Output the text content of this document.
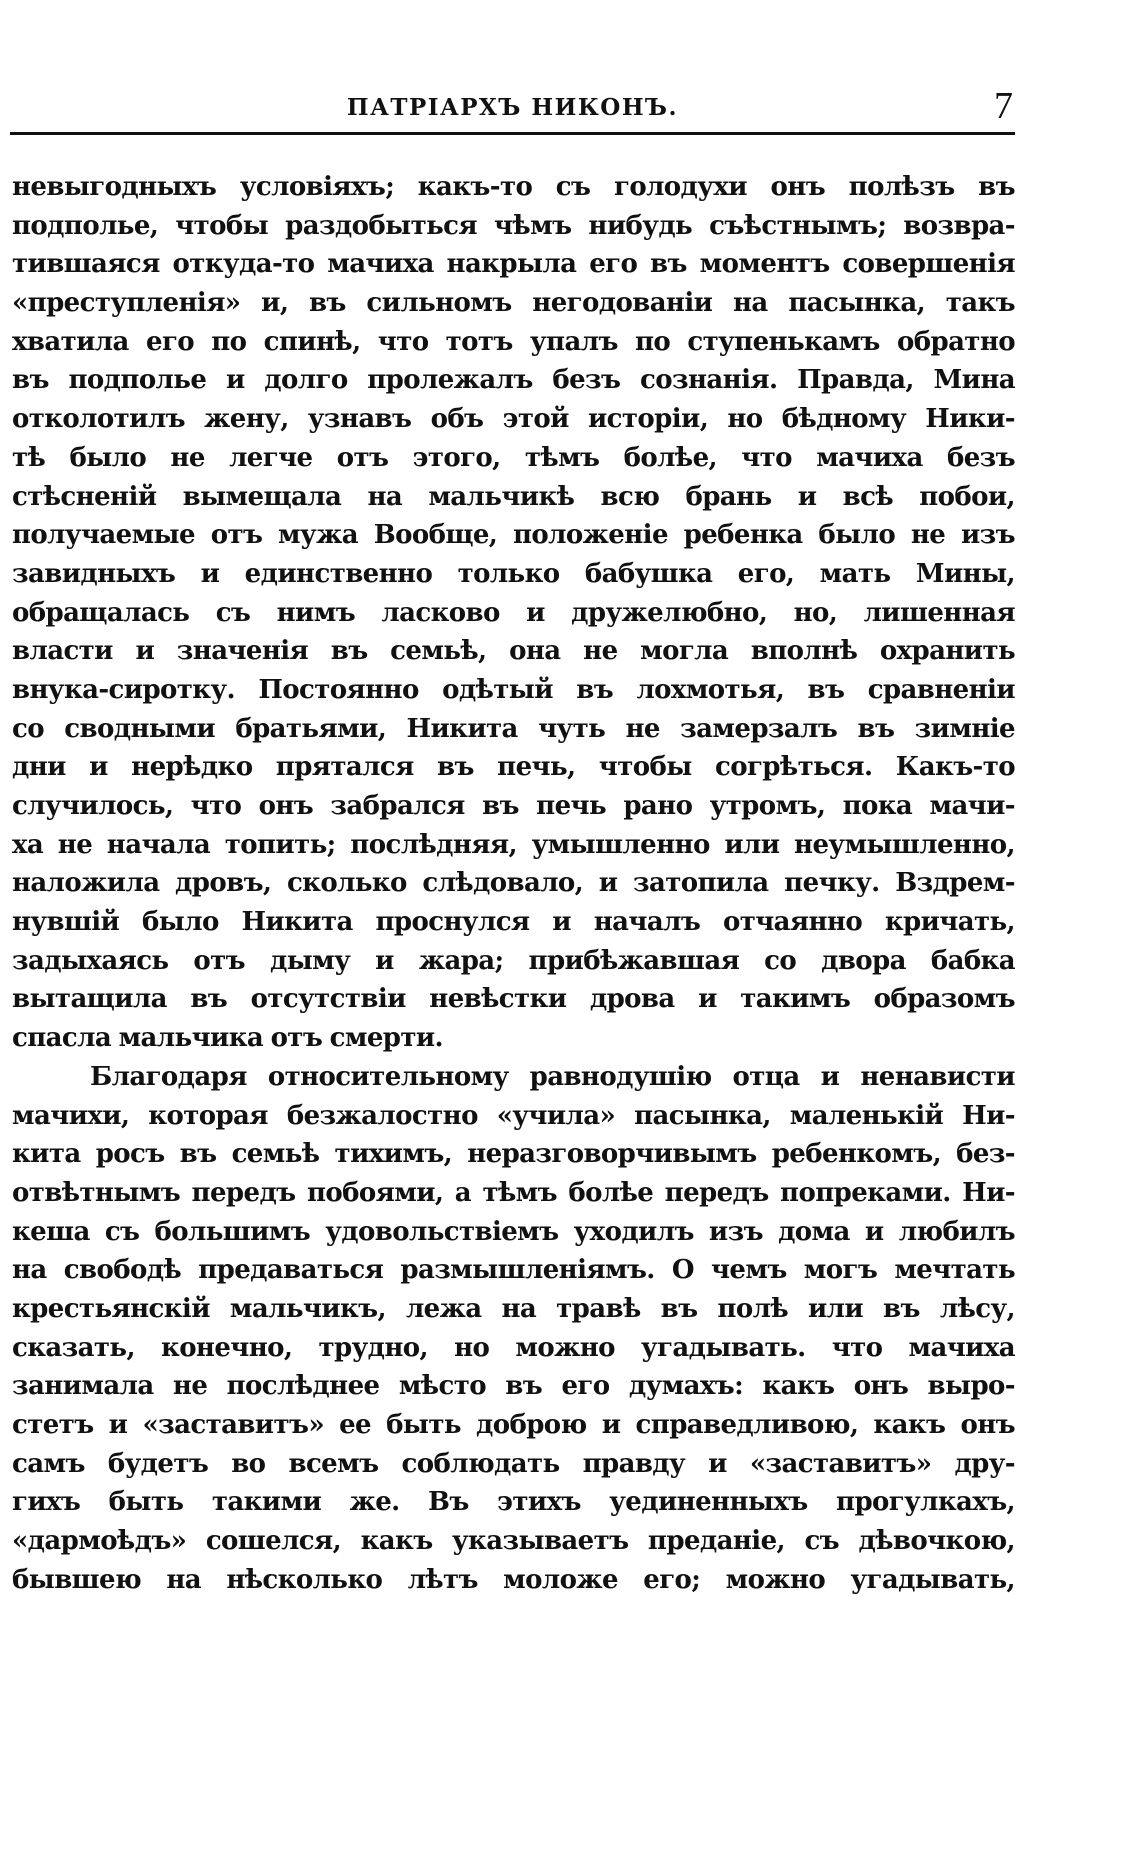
ПАТРІАРХЪ НИКОНЪ.	7
невыгодныхъ условіяхъ; какъ-то съ голодухи онъ полѣзъ въ
подполье, чтобы раздобыться чѣмъ нибудь съѣстнымъ; возвра-
тившаяся откуда-то мачиха накрыла его въ моментъ совершенія
«преступленія» и, въ сильномъ негодованіи на пасынка, такъ
хватила его по спинѣ, что тотъ упалъ по ступенькамъ обратно
въ подполье и долго пролежалъ безъ сознанія. Правда, Мина
отколотилъ жену, узнавъ объ этой исторіи, но бѣдному Ники-
тѣ было не легче отъ этого, тѣмъ болѣе, что мачиха безъ
стѣсненій вымещала на мальчикѣ всю брань и всѣ побои,
получаемые отъ мужа Вообще, положеніе ребенка было не изъ
завидныхъ и единственно только бабушка его, мать Мины,
обращалась съ нимъ ласково и дружелюбно, но, лишенная
власти и значенія въ семьѣ, она не могла вполнѣ охранить
внука-сиротку. Постоянно одѣтый въ лохмотья, въ сравненіи
со сводными братьями, Никита чуть не замерзалъ въ зимніе
дни и нерѣдко прятался въ печь, чтобы согрѣться. Какъ-то
случилось, что онъ забрался въ печь рано утромъ, пока мачи-
ха не начала топить; послѣдняя, умышленно или неумышленно,
наложила дровъ, сколько слѣдовало, и затопила печку. Вздрем-
нувшій было Никита проснулся и началъ отчаянно кричать,
задыхаясь отъ дыму и жара; прибѣжавшая со двора бабка
вытащила въ отсутствіи невѣстки дрова и такимъ образомъ
спасла мальчика отъ смерти.
Благодаря относительному равнодушію отца и ненависти
мачихи, которая безжалостно «учила» пасынка, маленькій Ни-
кита росъ въ семьѣ тихимъ, неразговорчивымъ ребенкомъ, без-
отвѣтнымъ передъ побоями, а тѣмъ болѣе передъ попреками. Ни-
кеша съ большимъ удовольствіемъ уходилъ изъ дома и любилъ
на свободѣ предаваться размышленіямъ. О чемъ могъ мечтать
крестьянскій мальчикъ, лежа на травѣ въ полѣ или въ лѣсу,
сказать, конечно, трудно, но можно угадывать. что мачиха
занимала не послѣднее мѣсто въ его думахъ: какъ онъ выро-
стетъ и «заставитъ» ее быть доброю и справедливою, какъ онъ
самъ будетъ во всемъ соблюдать правду и «заставитъ» дру-
гихъ быть такими же. Въ этихъ уединенныхъ прогулкахъ,
«дармоѣдъ» сошелся, какъ указываетъ преданіе, съ дѣвочкою,
бывшею на нѣсколько лѣтъ моложе его; можно угадывать,
